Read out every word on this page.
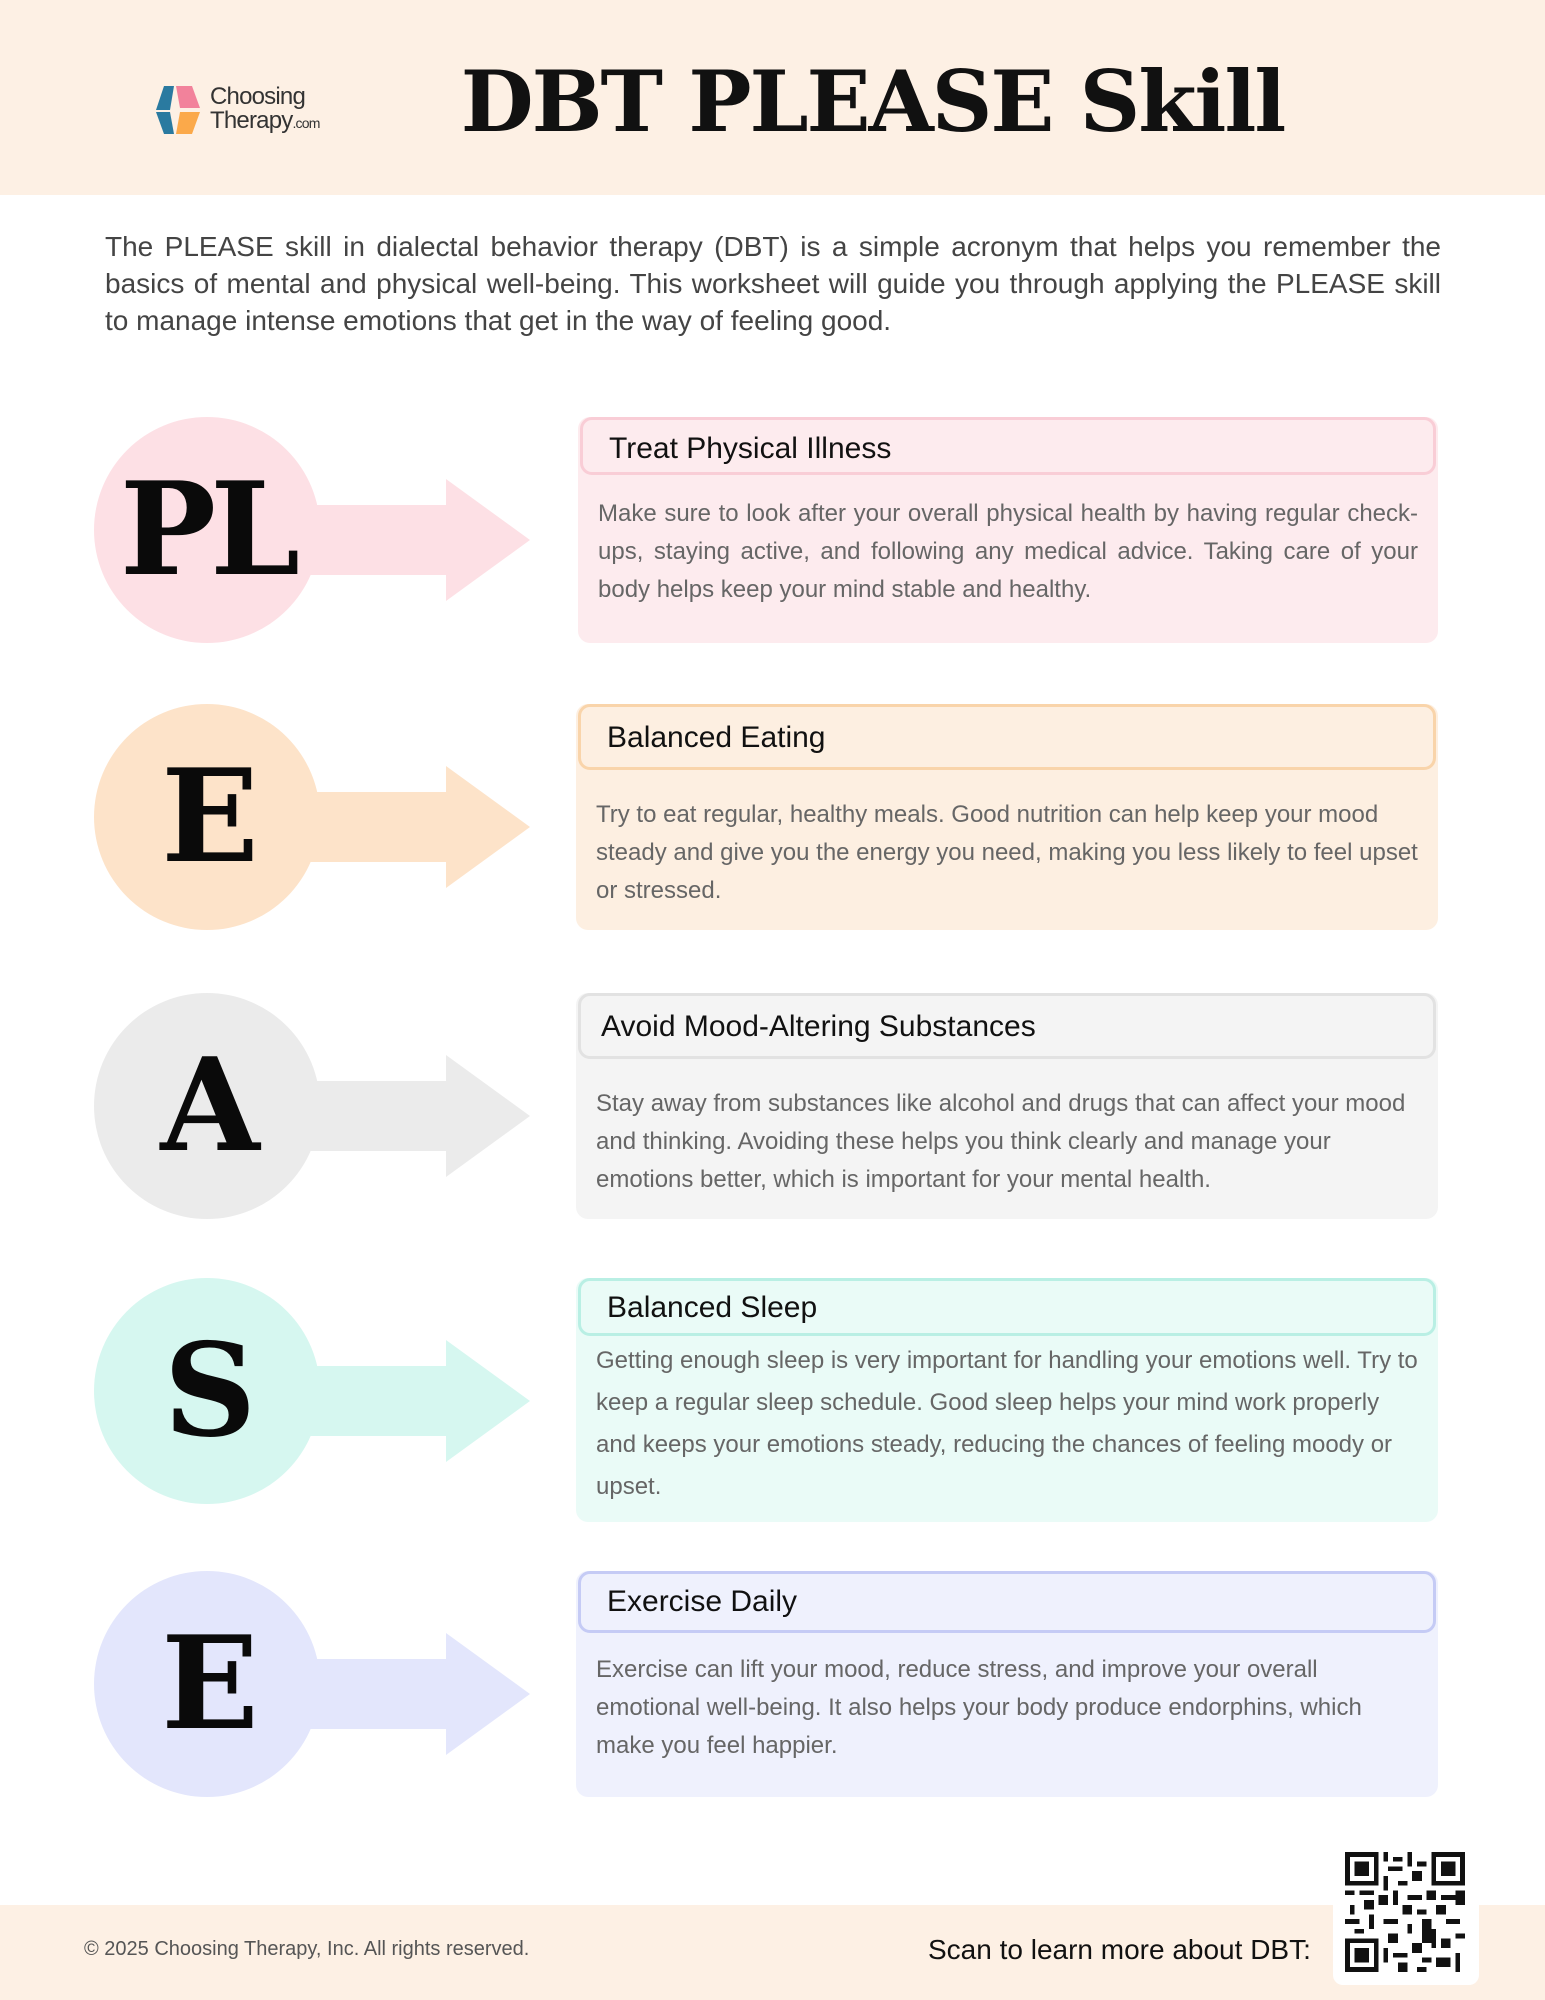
Choosing
Therapy.com	DBT PLEASE Skill
The PLEASE skill in dialectal behavior therapy (DBT) is a simple acronym that helps you remember the basics of mental and physical well-being. This worksheet will guide you through applying the PLEASE skill to manage intense emotions that get in the way of feeling good.
PL
Treat Physical Illness
Make sure to look after your overall physical health by having regular check-ups, staying active, and following any medical advice. Taking care of your body helps keep your mind stable and healthy.
E
Balanced Eating
Try to eat regular, healthy meals. Good nutrition can help keep your mood steady and give you the energy you need, making you less likely to feel upset or stressed.
A
Avoid Mood-Altering Substances
Stay away from substances like alcohol and drugs that can affect your mood and thinking. Avoiding these helps you think clearly and manage your emotions better, which is important for your mental health.
S
Balanced Sleep
Getting enough sleep is very important for handling your emotions well. Try to keep a regular sleep schedule. Good sleep helps your mind work properly and keeps your emotions steady, reducing the chances of feeling moody or upset.
E
Exercise Daily
Exercise can lift your mood, reduce stress, and improve your overall emotional well-being. It also helps your body produce endorphins, which make you feel happier.
© 2025 Choosing Therapy, Inc. All rights reserved.	Scan to learn more about DBT:
